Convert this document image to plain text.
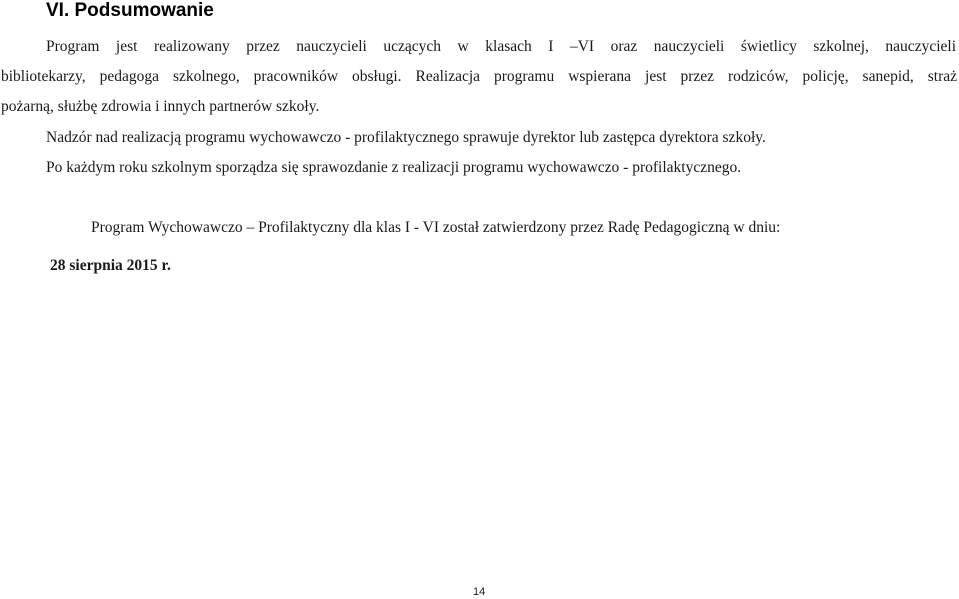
VI. Podsumowanie

Program jest realizowany przez nauczycieli uczących w klasach I –VI oraz nauczycieli świetlicy szkolnej, nauczycieli

bibliotekarzy, pedagoga szkolnego, pracowników obsługi. Realizacja programu wspierana jest przez rodziców, policję, sanepid, straż

pożarną, służbę zdrowia i innych partnerów szkoły.

Nadzór nad realizacją programu wychowawczo - profilaktycznego sprawuje dyrektor lub zastępca dyrektora szkoły.

Po każdym roku szkolnym sporządza się sprawozdanie z realizacji programu wychowawczo - profilaktycznego.

Program Wychowawczo – Profilaktyczny dla klas I - VI został zatwierdzony przez Radę Pedagogiczną w dniu:

28 sierpnia 2015 r.

14
